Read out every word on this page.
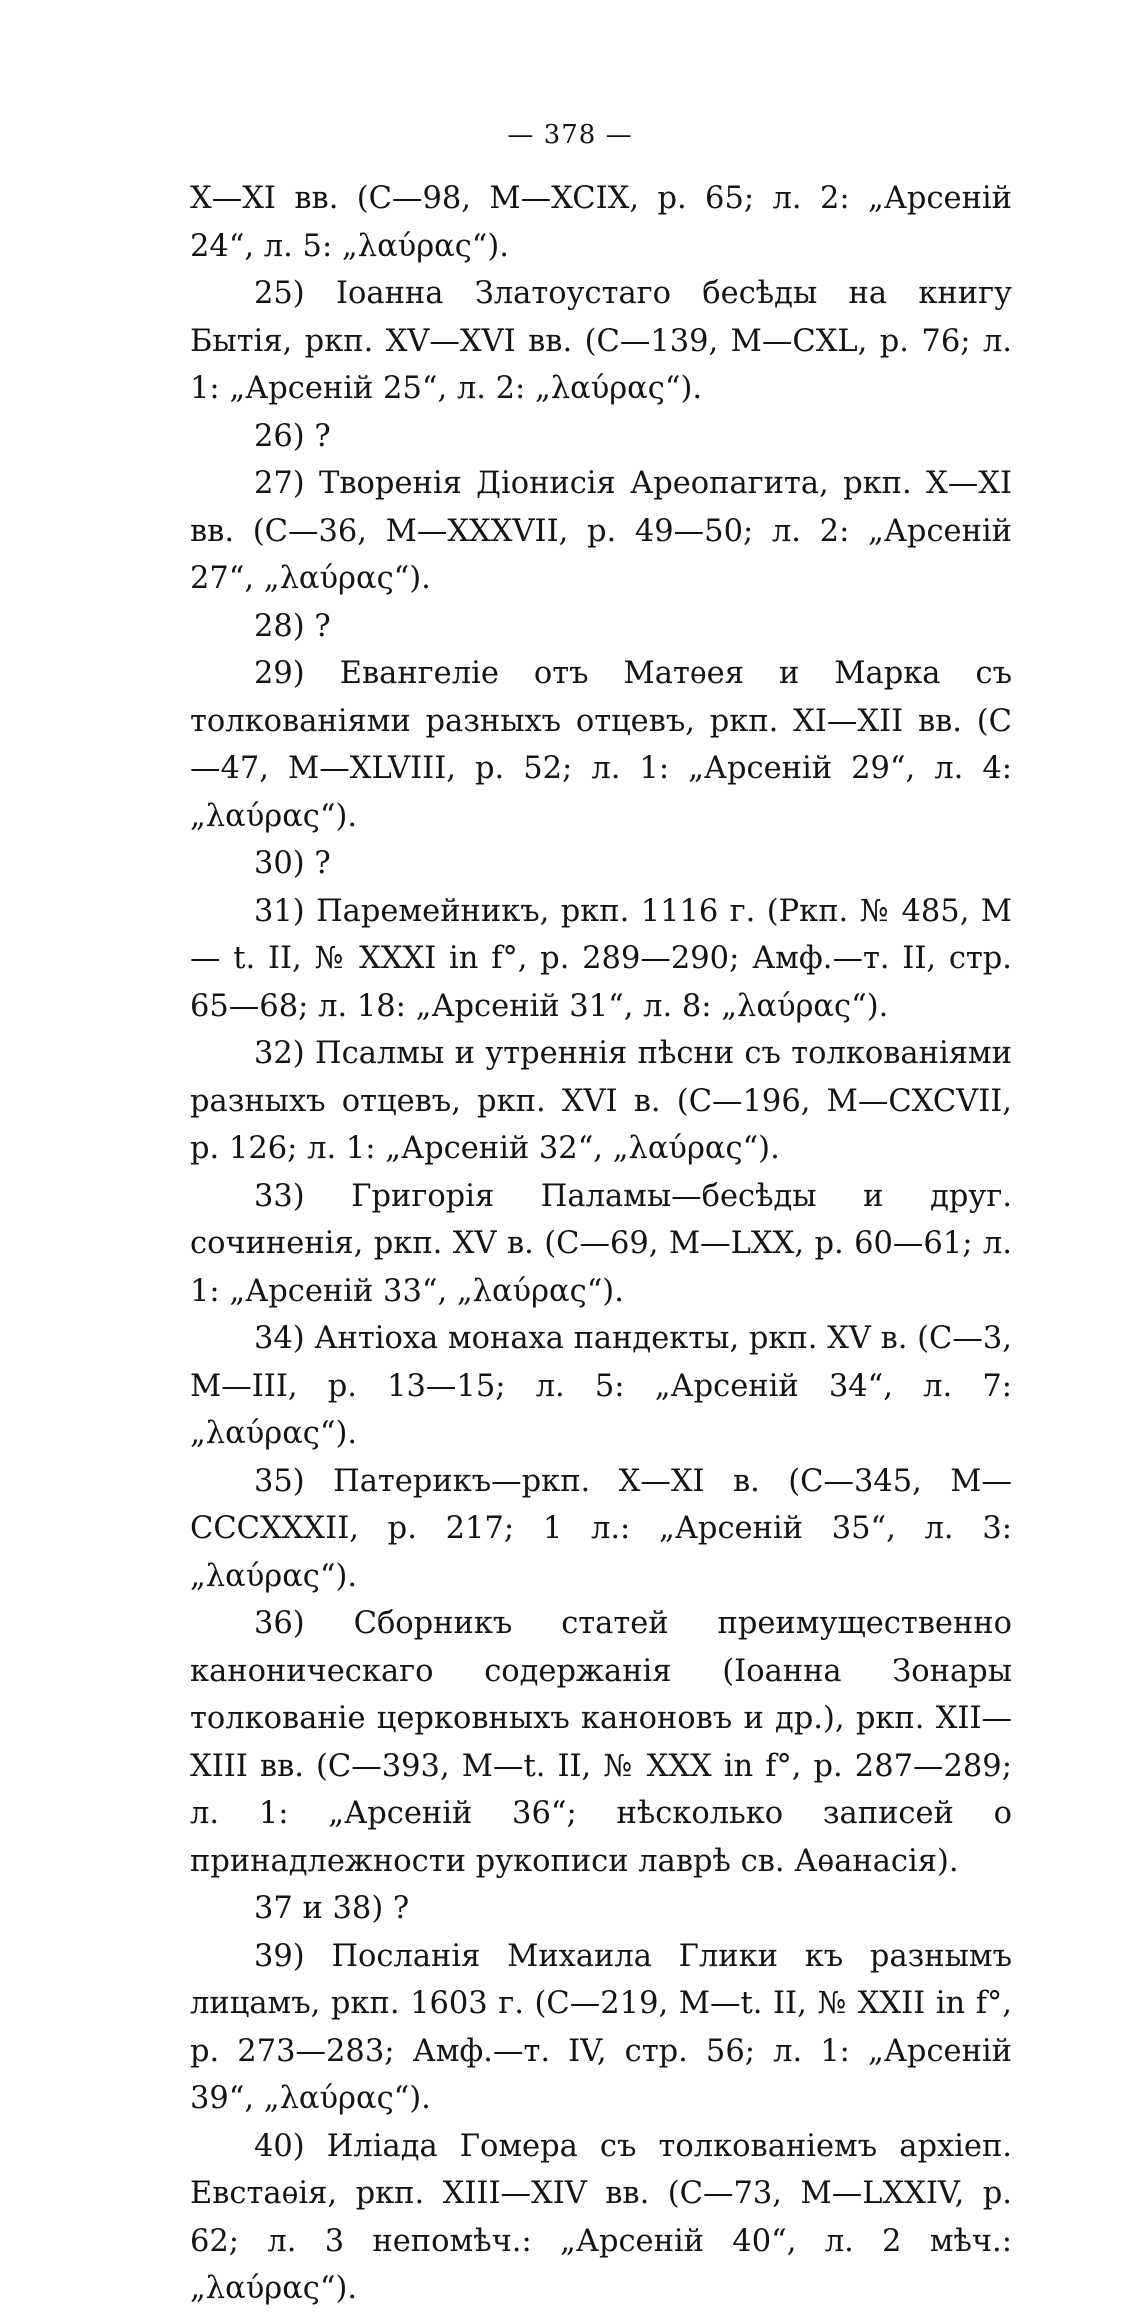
— 378 —

X—XI вв. (С—98, M—XCIX, p. 65; л. 2: „Арсеній 24“, л. 5: „λαύρας“).

25) Іоанна Златоустаго бесѣды на книгу Бытія, ркп. XV—XVI вв. (С—139, M—CXL, p. 76; л. 1: „Арсеній 25“, л. 2: „λαύρας“).

26) ?

27) Творенія Діонисія Ареопагита, ркп. X—XI вв. (С—36, M—XXXVII, p. 49—50; л. 2: „Арсеній 27“, „λαύρας“).

28) ?

29) Евангеліе отъ Матѳея и Марка съ толкованіями разныхъ отцевъ, ркп. XI—XII вв. (С—47, M—XLVIII, p. 52; л. 1: „Арсеній 29“, л. 4: „λαύρας“).

30) ?

31) Паремейникъ, ркп. 1116 г. (Ркп. № 485, M — t. II, № XXXI in f°, p. 289—290; Амф.—т. II, стр. 65—68; л. 18: „Арсеній 31“, л. 8: „λαύρας“).

32) Псалмы и утреннія пѣсни съ толкованіями разныхъ отцевъ, ркп. XVI в. (С—196, M—CXCVII, p. 126; л. 1: „Арсеній 32“, „λαύρας“).

33) Григорія Паламы—бесѣды и друг. сочиненія, ркп. XV в. (С—69, M—LXX, p. 60—61; л. 1: „Арсеній 33“, „λαύρας“).

34) Антіоха монаха пандекты, ркп. XV в. (С—3, M—III, p. 13—15; л. 5: „Арсеній 34“, л. 7: „λαύρας“).

35) Патерикъ—ркп. X—XI в. (С—345, M—CCCXXXII, p. 217; 1 л.: „Арсеній 35“, л. 3: „λαύρας“).

36) Сборникъ статей преимущественно каноническаго содержанія (Іоанна Зонары толкованіе церковныхъ каноновъ и др.), ркп. XII—XIII вв. (С—393, M—t. II, № XXX in f°, p. 287—289; л. 1: „Арсеній 36“; нѣсколько записей о принадлежности рукописи лаврѣ св. Аѳанасія).

37 и 38) ?

39) Посланія Михаила Глики къ разнымъ лицамъ, ркп. 1603 г. (С—219, M—t. II, № XXII in f°, p. 273—283; Амф.—т. IV, стр. 56; л. 1: „Арсеній 39“, „λαύρας“).

40) Иліада Гомера съ толкованіемъ архіеп. Евстаѳія, ркп. XIII—XIV вв. (С—73, M—LXXIV, p. 62; л. 3 непомѣч.: „Арсеній 40“, л. 2 мѣч.: „λαύρας“).
